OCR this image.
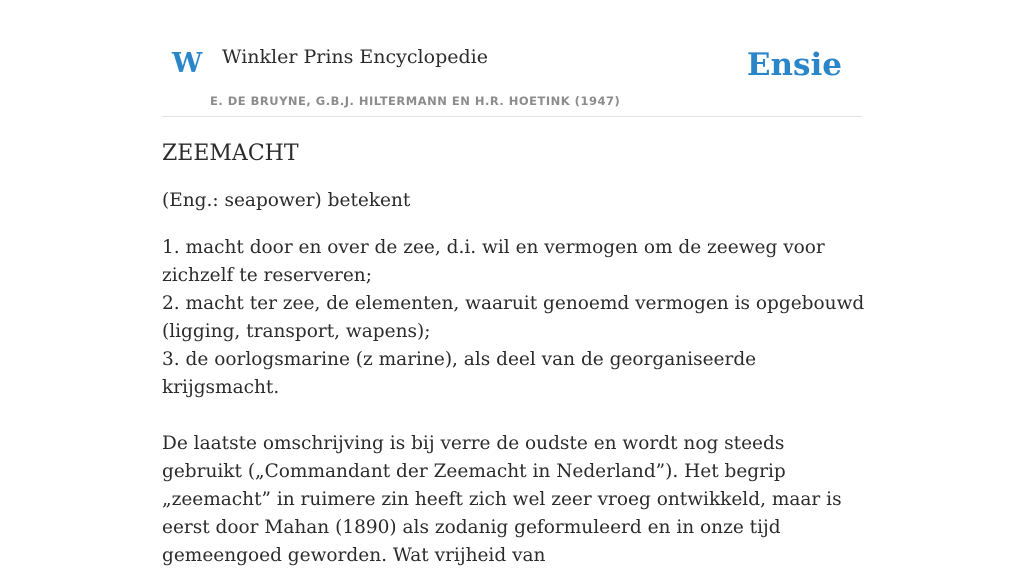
W Winkler Prins Encyclopedie
E. DE BRUYNE, G.B.J. HILTERMANN EN H.R. HOETINK (1947)
Ensie
ZEEMACHT

(Eng.: seapower) betekent

1. macht door en over de zee, d.i. wil en vermogen om de zeeweg voor zichzelf te reserveren;
2. macht ter zee, de elementen, waaruit genoemd vermogen is opgebouwd (ligging, transport, wapens);
3. de oorlogsmarine (z marine), als deel van de georganiseerde krijgsmacht.

De laatste omschrijving is bij verre de oudste en wordt nog steeds gebruikt („Commandant der Zeemacht in Nederland”). Het begrip „zeemacht” in ruimere zin heeft zich wel zeer vroeg ontwikkeld, maar is eerst door Mahan (1890) als zodanig geformuleerd en in onze tijd gemeengoed geworden. Wat vrijheid van
